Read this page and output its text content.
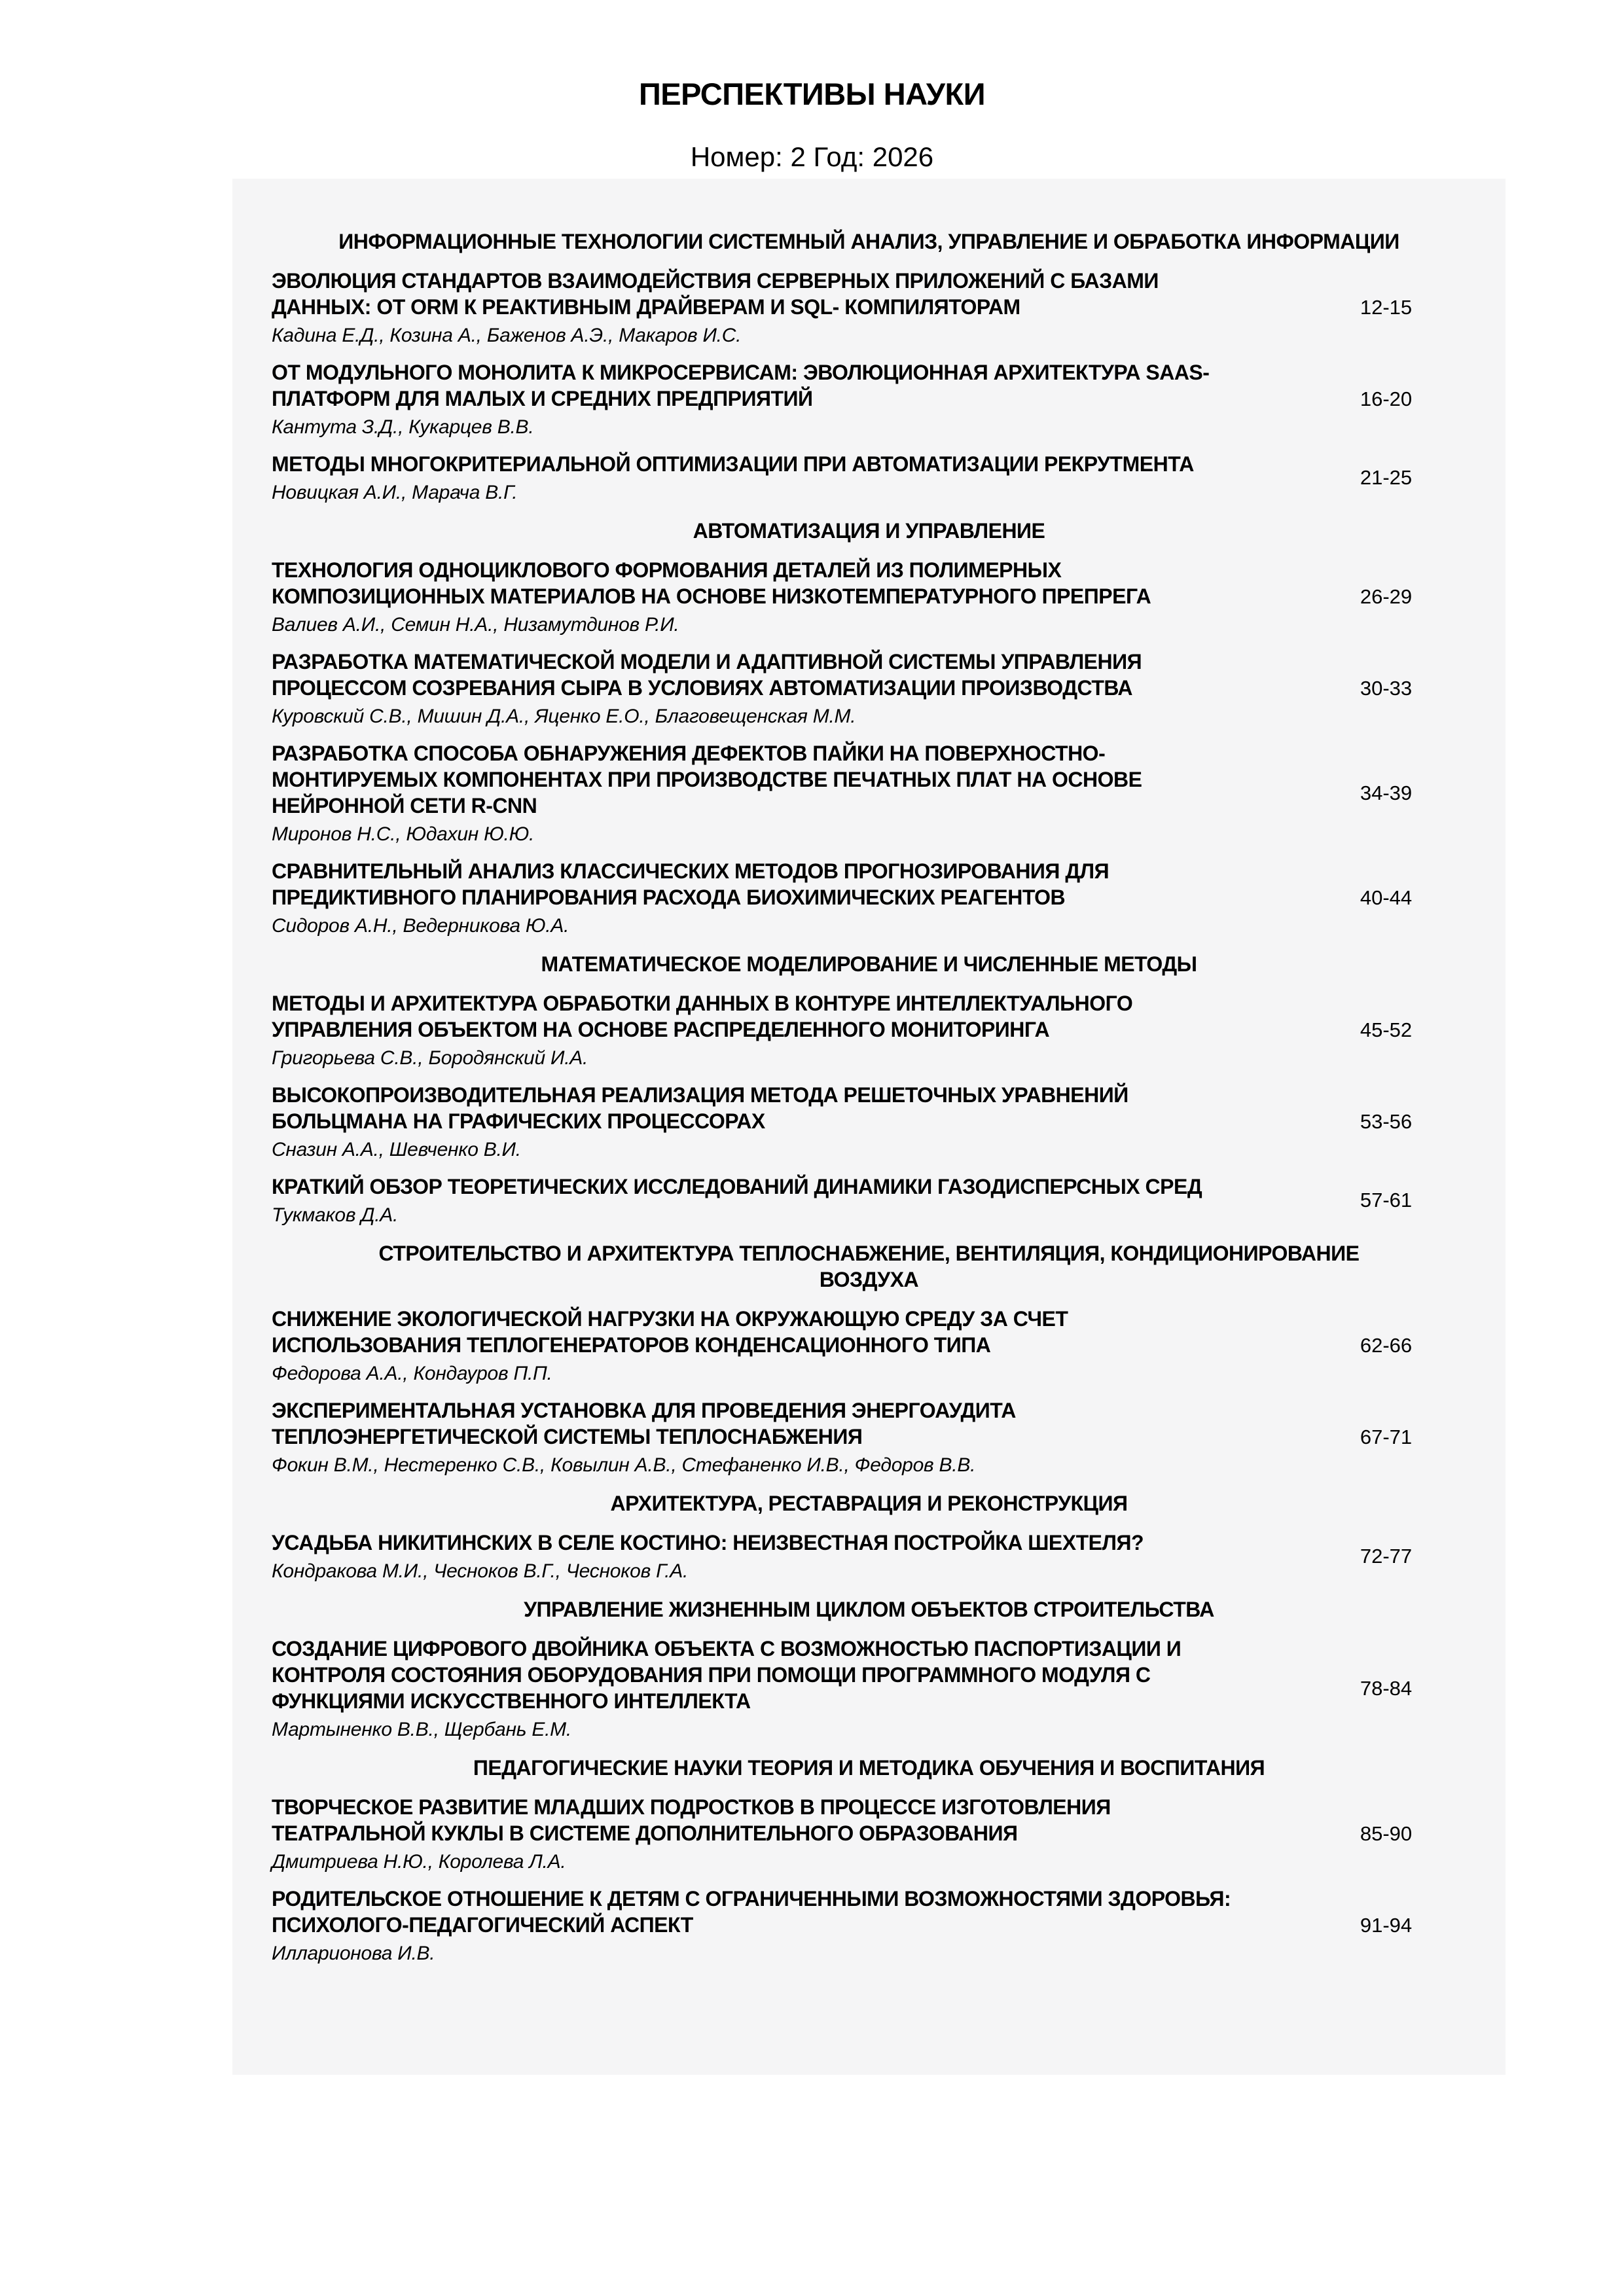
ПЕРСПЕКТИВЫ НАУКИ
Номер: 2 Год: 2026
ИНФОРМАЦИОННЫЕ ТЕХНОЛОГИИ СИСТЕМНЫЙ АНАЛИЗ, УПРАВЛЕНИЕ И ОБРАБОТКА ИНФОРМАЦИИ
ЭВОЛЮЦИЯ СТАНДАРТОВ ВЗАИМОДЕЙСТВИЯ СЕРВЕРНЫХ ПРИЛОЖЕНИЙ С БАЗАМИ
ДАННЫХ: ОТ ORM К РЕАКТИВНЫМ ДРАЙВЕРАМ И SQL- КОМПИЛЯТОРАМ
Кадина Е.Д., Козина А., Баженов А.Э., Макаров И.С.
12-15
ОТ МОДУЛЬНОГО МОНОЛИТА К МИКРОСЕРВИСАМ: ЭВОЛЮЦИОННАЯ АРХИТЕКТУРА SAAS-
ПЛАТФОРМ ДЛЯ МАЛЫХ И СРЕДНИХ ПРЕДПРИЯТИЙ
Кантута З.Д., Кукарцев В.В.
16-20
МЕТОДЫ МНОГОКРИТЕРИАЛЬНОЙ ОПТИМИЗАЦИИ ПРИ АВТОМАТИЗАЦИИ РЕКРУТМЕНТА
Новицкая А.И., Марача В.Г.
21-25
АВТОМАТИЗАЦИЯ И УПРАВЛЕНИЕ
ТЕХНОЛОГИЯ ОДНОЦИКЛОВОГО ФОРМОВАНИЯ ДЕТАЛЕЙ ИЗ ПОЛИМЕРНЫХ
КОМПОЗИЦИОННЫХ МАТЕРИАЛОВ НА ОСНОВЕ НИЗКОТЕМПЕРАТУРНОГО ПРЕПРЕГА
Валиев А.И., Семин Н.А., Низамутдинов Р.И.
26-29
РАЗРАБОТКА МАТЕМАТИЧЕСКОЙ МОДЕЛИ И АДАПТИВНОЙ СИСТЕМЫ УПРАВЛЕНИЯ
ПРОЦЕССОМ СОЗРЕВАНИЯ СЫРА В УСЛОВИЯХ АВТОМАТИЗАЦИИ ПРОИЗВОДСТВА
Куровский С.В., Мишин Д.А., Яценко Е.О., Благовещенская М.М.
30-33
РАЗРАБОТКА СПОСОБА ОБНАРУЖЕНИЯ ДЕФЕКТОВ ПАЙКИ НА ПОВЕРХНОСТНО-
МОНТИРУЕМЫХ КОМПОНЕНТАХ ПРИ ПРОИЗВОДСТВЕ ПЕЧАТНЫХ ПЛАТ НА ОСНОВЕ
НЕЙРОННОЙ СЕТИ R-CNN
Миронов Н.С., Юдахин Ю.Ю.
34-39
СРАВНИТЕЛЬНЫЙ АНАЛИЗ КЛАССИЧЕСКИХ МЕТОДОВ ПРОГНОЗИРОВАНИЯ ДЛЯ
ПРЕДИКТИВНОГО ПЛАНИРОВАНИЯ РАСХОДА БИОХИМИЧЕСКИХ РЕАГЕНТОВ
Сидоров А.Н., Ведерникова Ю.А.
40-44
МАТЕМАТИЧЕСКОЕ МОДЕЛИРОВАНИЕ И ЧИСЛЕННЫЕ МЕТОДЫ
МЕТОДЫ И АРХИТЕКТУРА ОБРАБОТКИ ДАННЫХ В КОНТУРЕ ИНТЕЛЛЕКТУАЛЬНОГО
УПРАВЛЕНИЯ ОБЪЕКТОМ НА ОСНОВЕ РАСПРЕДЕЛЕННОГО МОНИТОРИНГА
Григорьева С.В., Бородянский И.А.
45-52
ВЫСОКОПРОИЗВОДИТЕЛЬНАЯ РЕАЛИЗАЦИЯ МЕТОДА РЕШЕТОЧНЫХ УРАВНЕНИЙ
БОЛЬЦМАНА НА ГРАФИЧЕСКИХ ПРОЦЕССОРАХ
Сназин А.А., Шевченко В.И.
53-56
КРАТКИЙ ОБЗОР ТЕОРЕТИЧЕСКИХ ИССЛЕДОВАНИЙ ДИНАМИКИ ГАЗОДИСПЕРСНЫХ СРЕД
Тукмаков Д.А.
57-61
СТРОИТЕЛЬСТВО И АРХИТЕКТУРА ТЕПЛОСНАБЖЕНИЕ, ВЕНТИЛЯЦИЯ, КОНДИЦИОНИРОВАНИЕ
ВОЗДУХА
СНИЖЕНИЕ ЭКОЛОГИЧЕСКОЙ НАГРУЗКИ НА ОКРУЖАЮЩУЮ СРЕДУ ЗА СЧЕТ
ИСПОЛЬЗОВАНИЯ ТЕПЛОГЕНЕРАТОРОВ КОНДЕНСАЦИОННОГО ТИПА
Федорова А.А., Кондауров П.П.
62-66
ЭКСПЕРИМЕНТАЛЬНАЯ УСТАНОВКА ДЛЯ ПРОВЕДЕНИЯ ЭНЕРГОАУДИТА
ТЕПЛОЭНЕРГЕТИЧЕСКОЙ СИСТЕМЫ ТЕПЛОСНАБЖЕНИЯ
Фокин В.М., Нестеренко С.В., Ковылин А.В., Стефаненко И.В., Федоров В.В.
67-71
АРХИТЕКТУРА, РЕСТАВРАЦИЯ И РЕКОНСТРУКЦИЯ
УСАДЬБА НИКИТИНСКИХ В СЕЛЕ КОСТИНО: НЕИЗВЕСТНАЯ ПОСТРОЙКА ШЕХТЕЛЯ?
Кондракова М.И., Чесноков В.Г., Чесноков Г.А.
72-77
УПРАВЛЕНИЕ ЖИЗНЕННЫМ ЦИКЛОМ ОБЪЕКТОВ СТРОИТЕЛЬСТВА
СОЗДАНИЕ ЦИФРОВОГО ДВОЙНИКА ОБЪЕКТА С ВОЗМОЖНОСТЬЮ ПАСПОРТИЗАЦИИ И
КОНТРОЛЯ СОСТОЯНИЯ ОБОРУДОВАНИЯ ПРИ ПОМОЩИ ПРОГРАММНОГО МОДУЛЯ С
ФУНКЦИЯМИ ИСКУССТВЕННОГО ИНТЕЛЛЕКТА
Мартыненко В.В., Щербань Е.М.
78-84
ПЕДАГОГИЧЕСКИЕ НАУКИ ТЕОРИЯ И МЕТОДИКА ОБУЧЕНИЯ И ВОСПИТАНИЯ
ТВОРЧЕСКОЕ РАЗВИТИЕ МЛАДШИХ ПОДРОСТКОВ В ПРОЦЕССЕ ИЗГОТОВЛЕНИЯ
ТЕАТРАЛЬНОЙ КУКЛЫ В СИСТЕМЕ ДОПОЛНИТЕЛЬНОГО ОБРАЗОВАНИЯ
Дмитриева Н.Ю., Королева Л.А.
85-90
РОДИТЕЛЬСКОЕ ОТНОШЕНИЕ К ДЕТЯМ С ОГРАНИЧЕННЫМИ ВОЗМОЖНОСТЯМИ ЗДОРОВЬЯ:
ПСИХОЛОГО-ПЕДАГОГИЧЕСКИЙ АСПЕКТ
Илларионова И.В.
91-94
